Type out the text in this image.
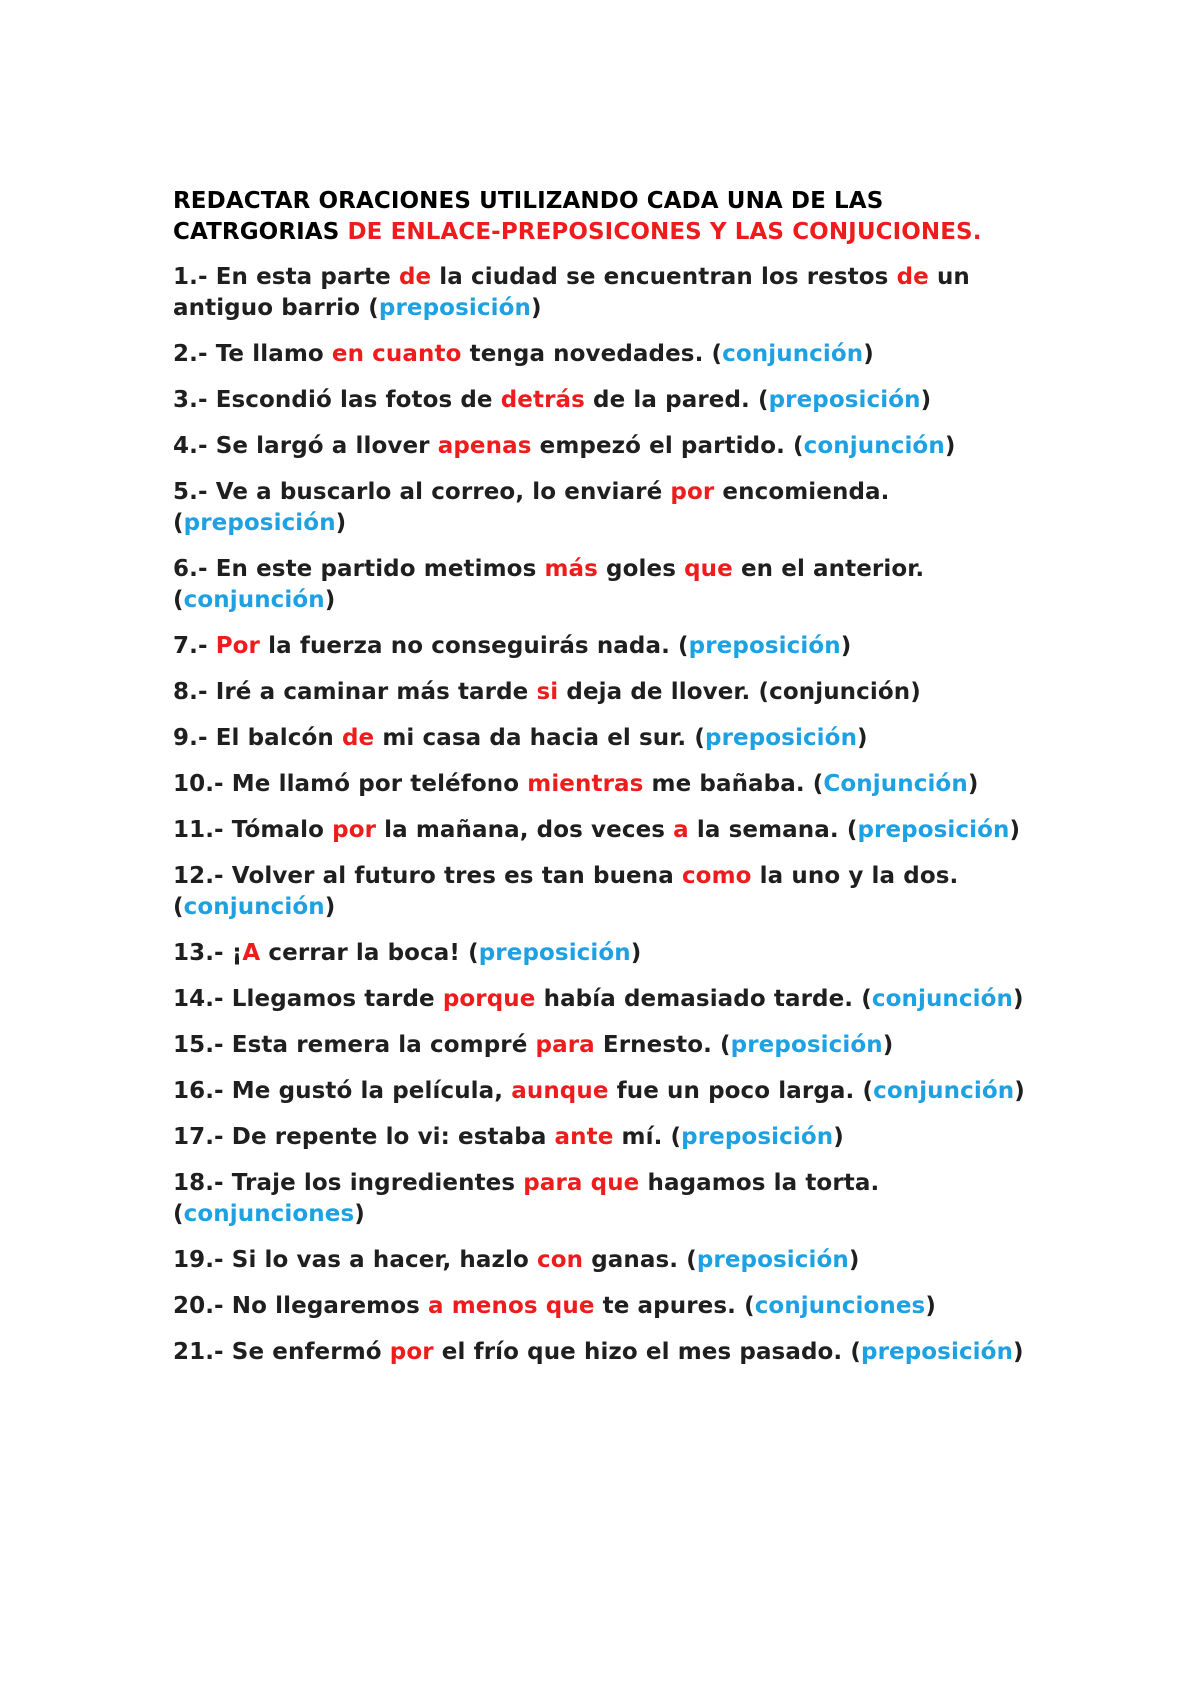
REDACTAR ORACIONES UTILIZANDO CADA UNA DE LAS CATRGORIAS DE ENLACE-PREPOSICONES Y LAS CONJUCIONES.

1.- En esta parte de la ciudad se encuentran los restos de un antiguo barrio (preposición)

2.- Te llamo en cuanto tenga novedades. (conjunción)

3.- Escondió las fotos de detrás de la pared. (preposición)

4.- Se largó a llover apenas empezó el partido. (conjunción)

5.- Ve a buscarlo al correo, lo enviaré por encomienda. (preposición)

6.- En este partido metimos más goles que en el anterior. (conjunción)

7.- Por la fuerza no conseguirás nada. (preposición)

8.- Iré a caminar más tarde si deja de llover. (conjunción)

9.- El balcón de mi casa da hacia el sur. (preposición)

10.- Me llamó por teléfono mientras me bañaba. (Conjunción)

11.- Tómalo por la mañana, dos veces a la semana. (preposición)

12.- Volver al futuro tres es tan buena como la uno y la dos. (conjunción)

13.- ¡A cerrar la boca! (preposición)

14.- Llegamos tarde porque había demasiado tarde. (conjunción)

15.- Esta remera la compré para Ernesto. (preposición)

16.- Me gustó la película, aunque fue un poco larga. (conjunción)

17.- De repente lo vi: estaba ante mí. (preposición)

18.- Traje los ingredientes para que hagamos la torta. (conjunciones)

19.- Si lo vas a hacer, hazlo con ganas. (preposición)

20.- No llegaremos a menos que te apures. (conjunciones)

21.- Se enfermó por el frío que hizo el mes pasado. (preposición)
